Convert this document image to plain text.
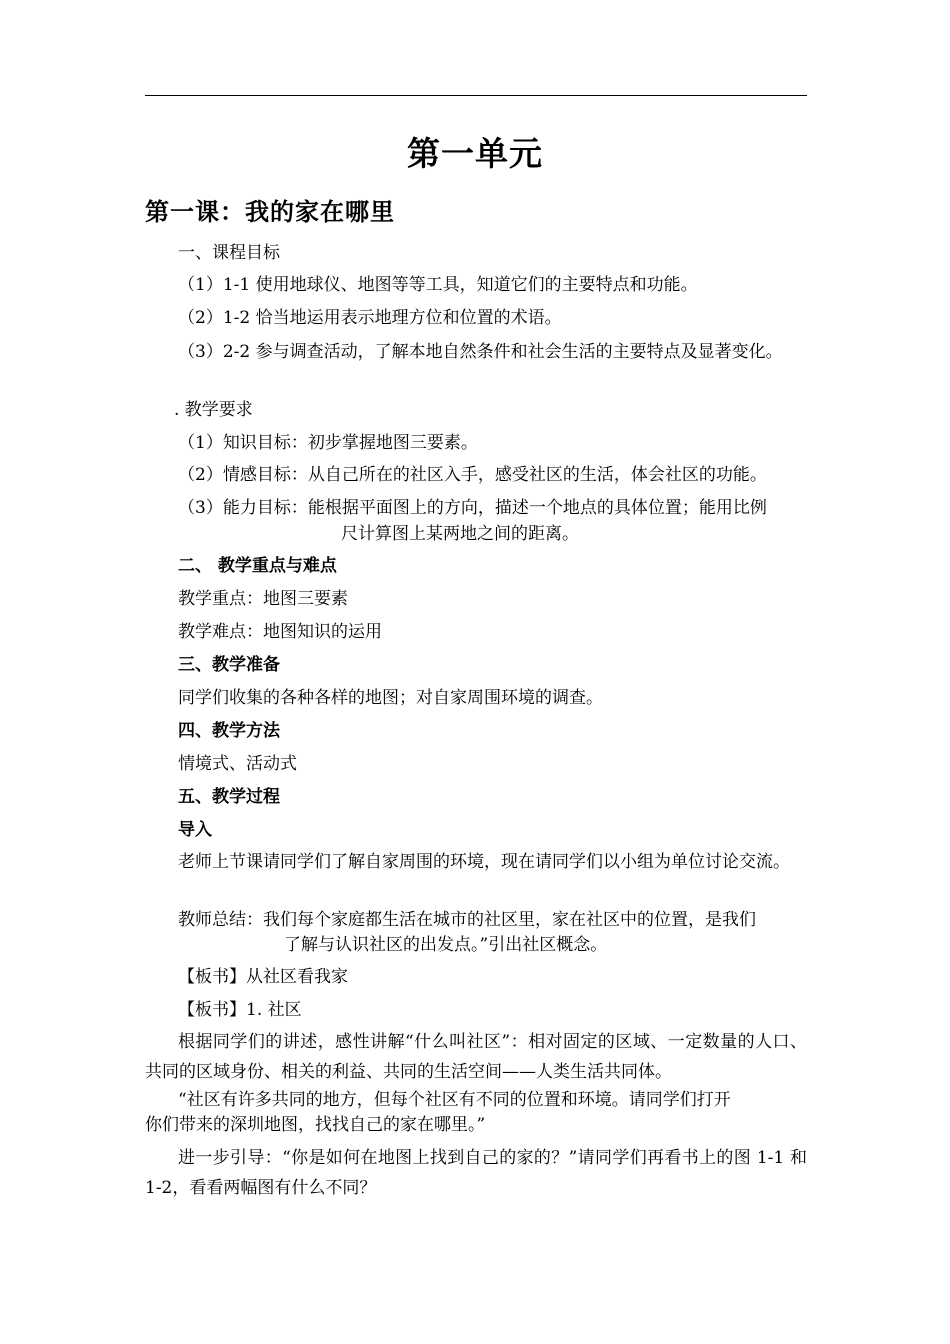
第一单元
第一课：我的家在哪里
一、课程目标
（1）1-1 使用地球仪、地图等等工具，知道它们的主要特点和功能。
（2）1-2 恰当地运用表示地理方位和位置的术语。
（3）2-2 参与调查活动，了解本地自然条件和社会生活的主要特点及显著变化。
. 教学要求
（1）知识目标：初步掌握地图三要素。
（2）情感目标：从自己所在的社区入手，感受社区的生活，体会社区的功能。
（3）能力目标：能根据平面图上的方向，描述一个地点的具体位置；能用比例
尺计算图上某两地之间的距离。
二、 教学重点与难点
教学重点：地图三要素
教学难点：地图知识的运用
三、教学准备
同学们收集的各种各样的地图；对自家周围环境的调查。
四、教学方法
情境式、活动式
五、教学过程
导入
老师上节课请同学们了解自家周围的环境，现在请同学们以小组为单位讨论交流。
教师总结：我们每个家庭都生活在城市的社区里，家在社区中的位置，是我们
了解与认识社区的出发点。”引出社区概念。
【板书】从社区看我家
【板书】1. 社区
根据同学们的讲述，感性讲解“什么叫社区”：相对固定的区域、一定数量的人口、共同的区域身份、相关的利益、共同的生活空间——人类生活共同体。
“社区有许多共同的地方，但每个社区有不同的位置和环境。请同学们打开
你们带来的深圳地图，找找自己的家在哪里。”
进一步引导：“你是如何在地图上找到自己的家的？”请同学们再看书上的图 1-1 和 1-2，看看两幅图有什么不同？
